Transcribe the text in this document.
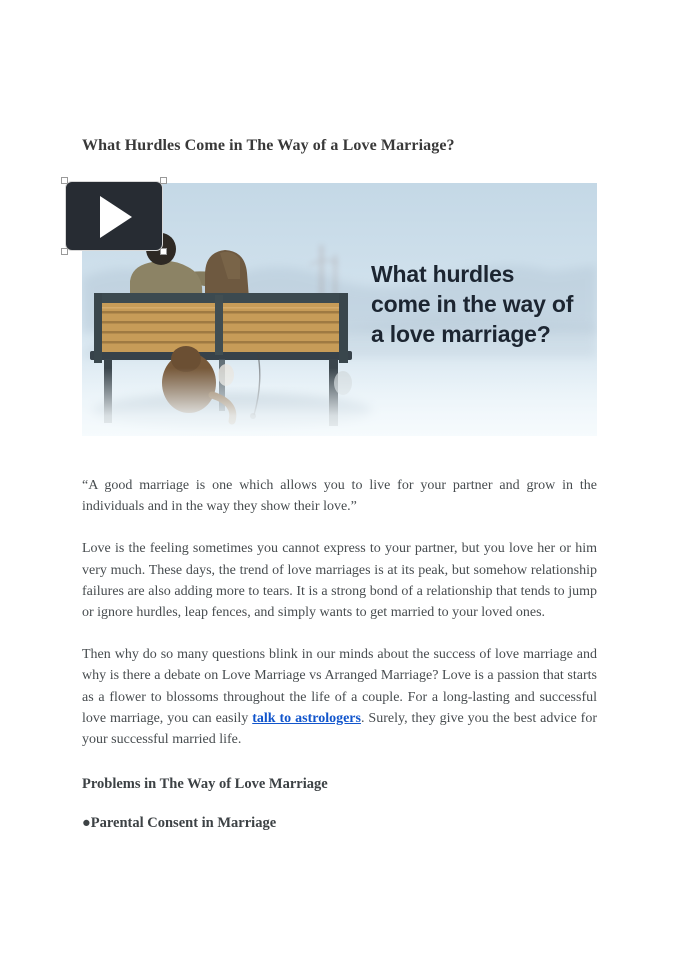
What Hurdles Come in The Way of a Love Marriage?
What hurdles
come in the way of
a love marriage?

“A good marriage is one which allows you to live for your partner and grow in the individuals and in the way they show their love.”

Love is the feeling sometimes you cannot express to your partner, but you love her or him very much. These days, the trend of love marriages is at its peak, but somehow relationship failures are also adding more to tears. It is a strong bond of a relationship that tends to jump or ignore hurdles, leap fences, and simply wants to get married to your loved ones.

Then why do so many questions blink in our minds about the success of love marriage and why is there a debate on Love Marriage vs Arranged Marriage? Love is a passion that starts as a flower to blossoms throughout the life of a couple. For a long-lasting and successful love marriage, you can easily talk to astrologers. Surely, they give you the best advice for your successful married life.

Problems in The Way of Love Marriage
●Parental Consent in Marriage
